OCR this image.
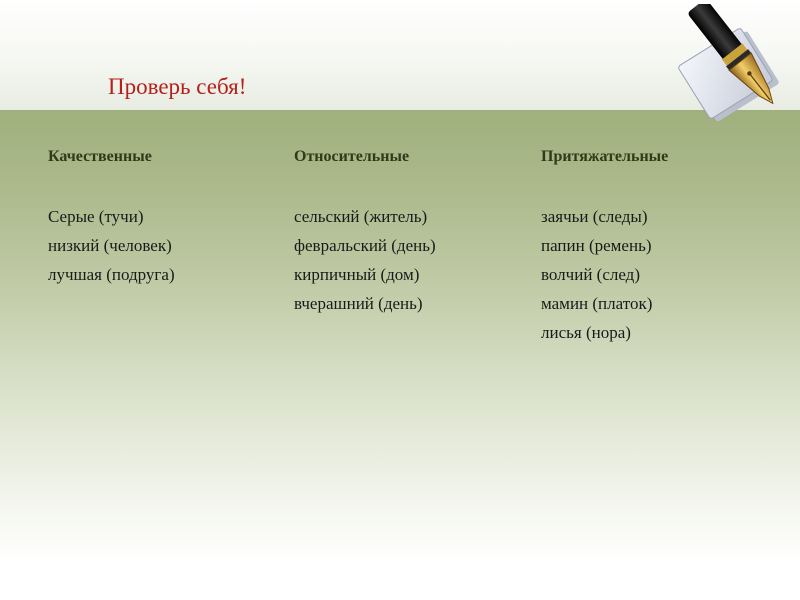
Проверь себя!
Качественные
Серые (тучи)
низкий (человек)
лучшая (подруга)
Относительные
сельский (житель)
февральский (день)
кирпичный (дом)
вчерашний (день)
Притяжательные
заячьи (следы)
папин (ремень)
волчий (след)
мамин (платок)
лисья (нора)
